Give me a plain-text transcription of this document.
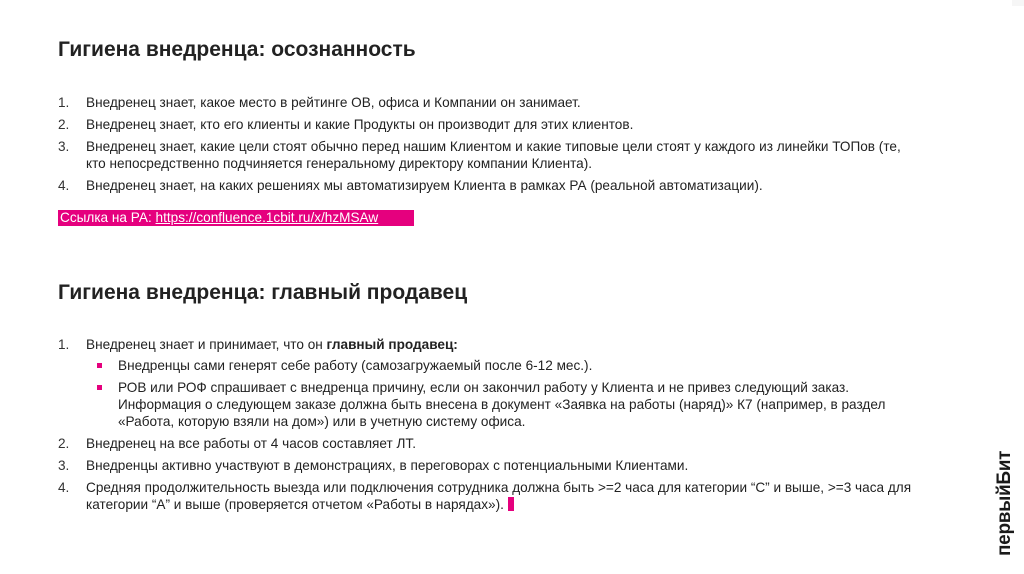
Гигиена внедренца: осознанность
1. Внедренец знает, какое место в рейтинге ОВ, офиса и Компании он занимает.
2. Внедренец знает, кто его клиенты и какие Продукты он производит для этих клиентов.
3. Внедренец знает, какие цели стоят обычно перед нашим Клиентом и какие типовые цели стоят у каждого из линейки ТОПов (те, кто непосредственно подчиняется генеральному директору компании Клиента).
4. Внедренец знает, на каких решениях мы автоматизируем Клиента в рамках РА (реальной автоматизации).
Ссылка на РА: https://confluence.1cbit.ru/x/hzMSAw
Гигиена внедренца: главный продавец
1. Внедренец знает и принимает, что он главный продавец:
Внедренцы сами генерят себе работу (самозагружаемый после 6-12 мес.).
РОВ или РОФ спрашивает с внедренца причину, если он закончил работу у Клиента и не привез следующий заказ. Информация о следующем заказе должна быть внесена в документ «Заявка на работы (наряд)» К7 (например, в раздел «Работа, которую взяли на дом») или в учетную систему офиса.
2. Внедренец на все работы от 4 часов составляет ЛТ.
3. Внедренцы активно участвуют в демонстрациях, в переговорах с потенциальными Клиентами.
4. Средняя продолжительность выезда или подключения сотрудника должна быть >=2 часа для категории “C” и выше, >=3 часа для категории “A” и выше (проверяется отчетом «Работы в нарядах»).	первыйБит
